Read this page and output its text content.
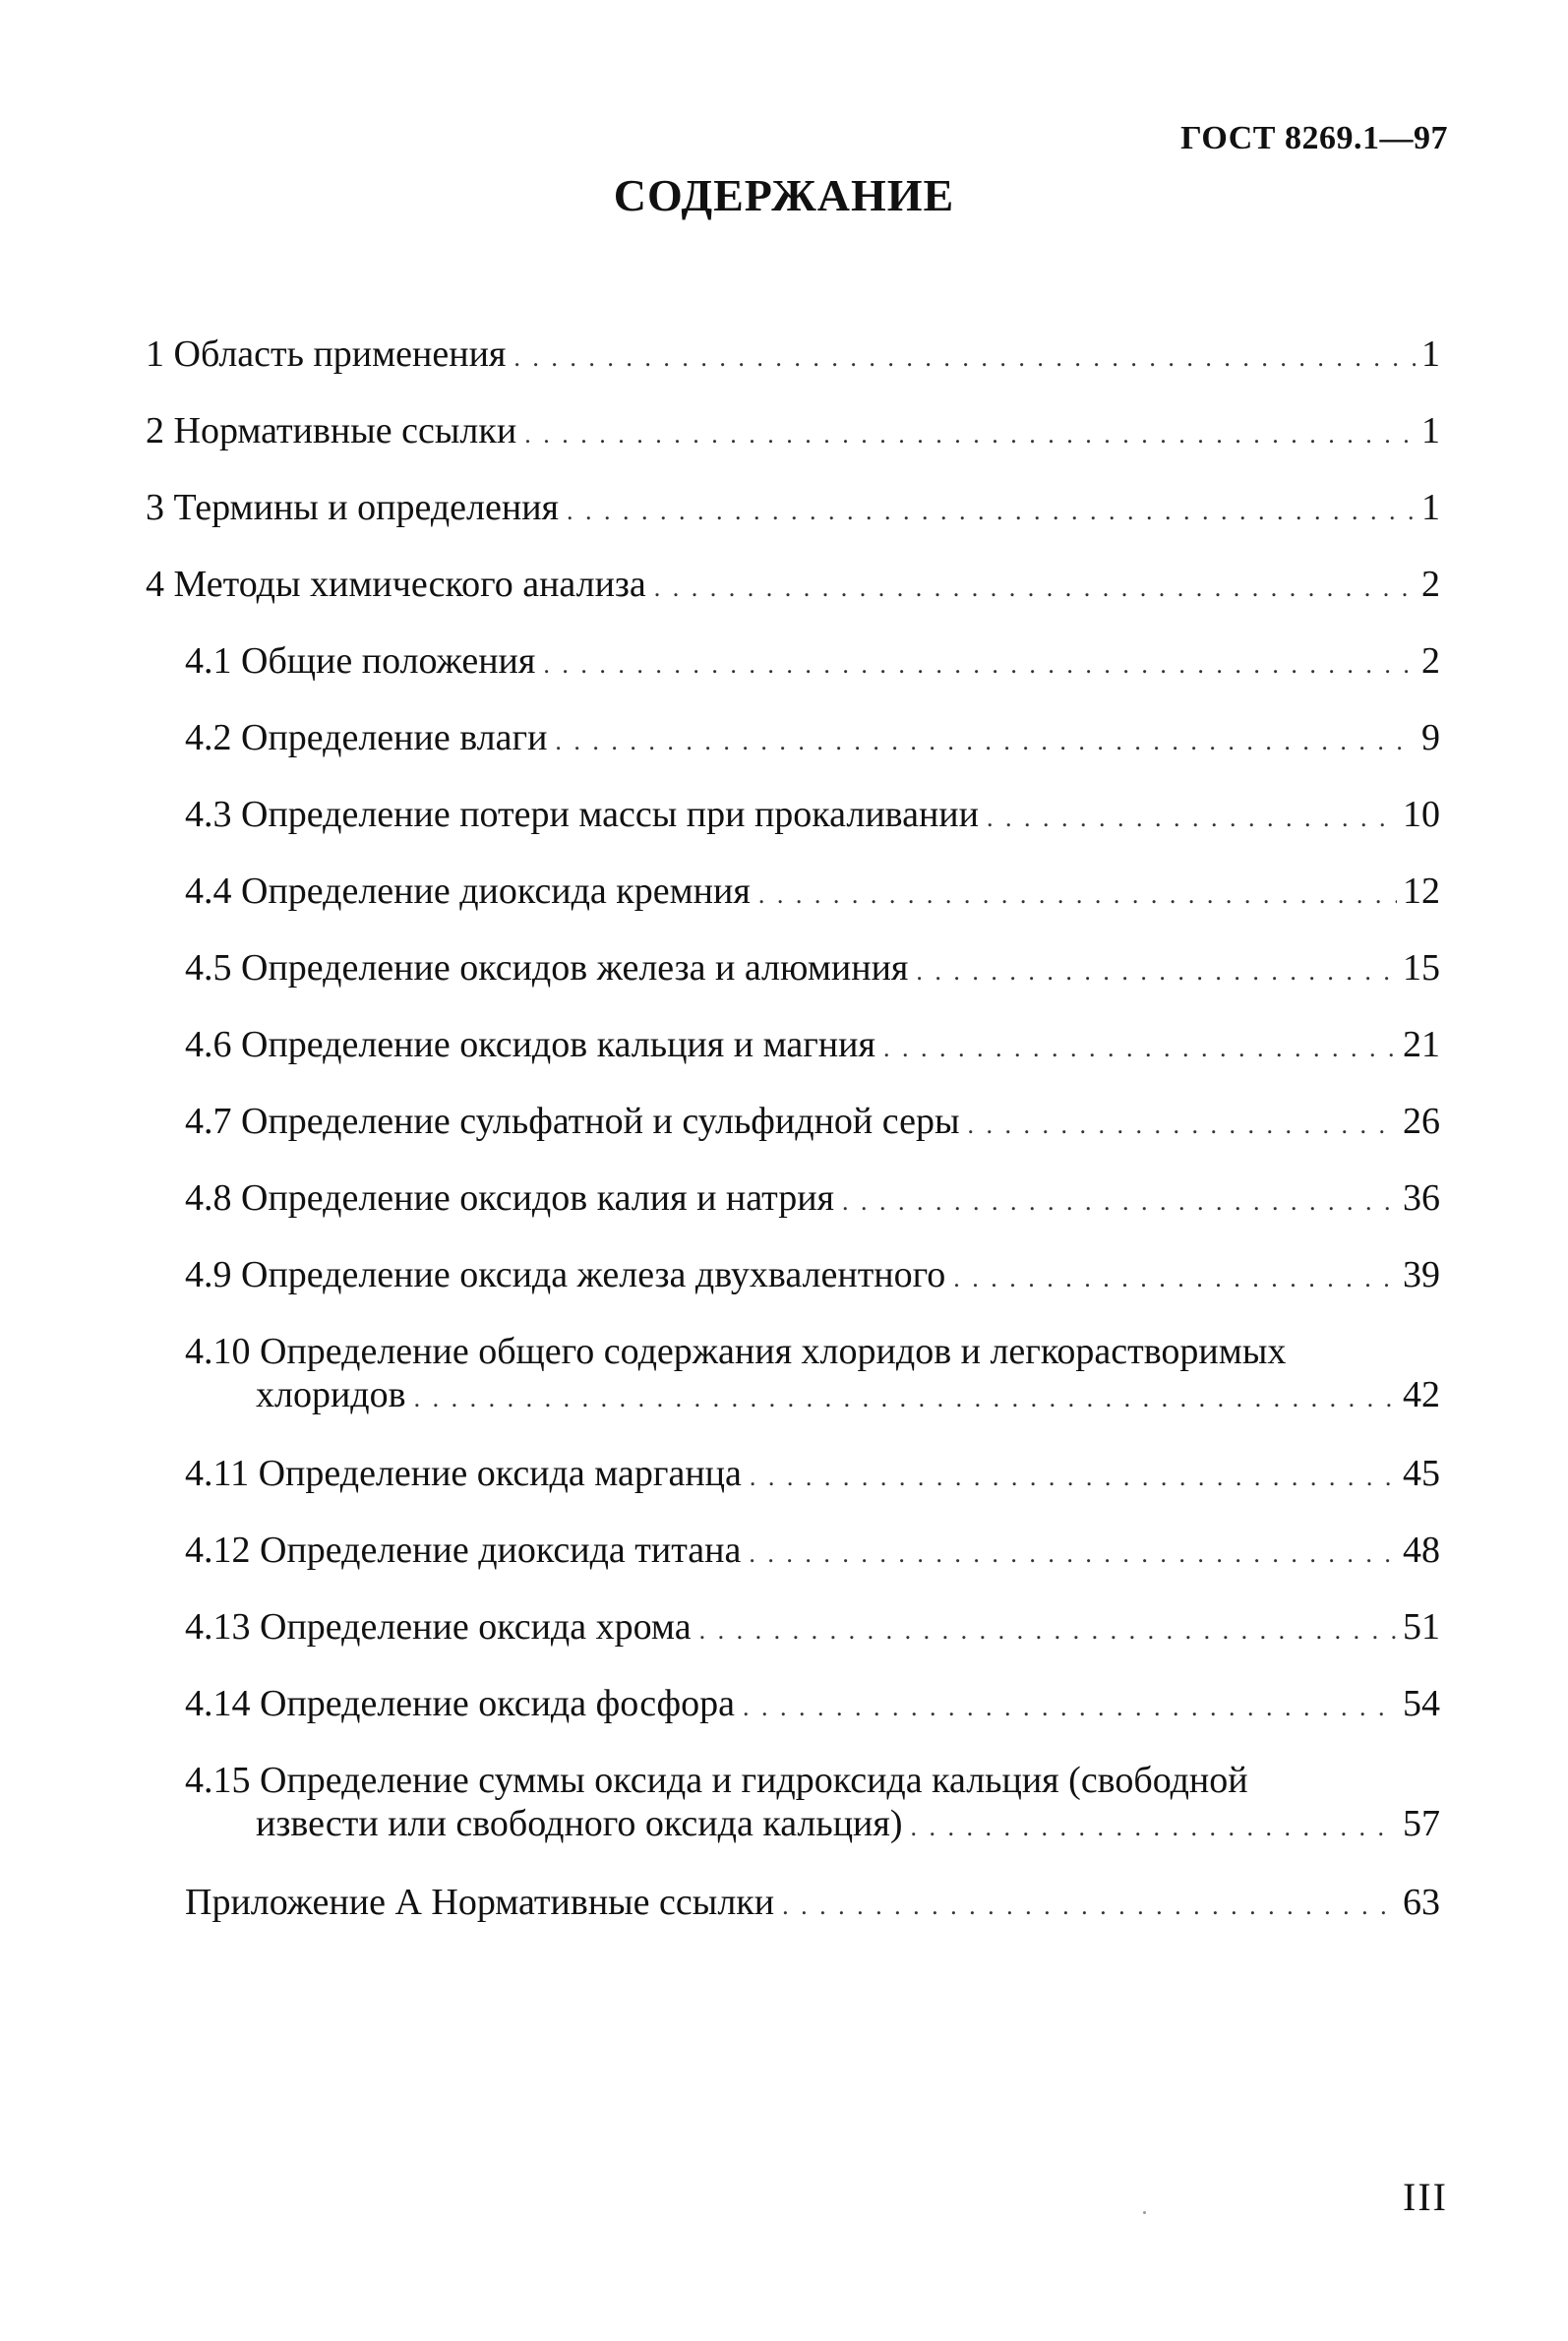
ГОСТ 8269.1—97
СОДЕРЖАНИЕ
1 Область применения . . .	1
2 Нормативные ссылки . . .	1
3 Термины и определения . . .	1
4 Методы химического анализа . . .	2
4.1 Общие положения . . .	2
4.2 Определение влаги . . .	9
4.3 Определение потери массы при прокаливании . . .	10
4.4 Определение диоксида кремния . . .	12
4.5 Определение оксидов железа и алюминия . . .	15
4.6 Определение оксидов кальция и магния . . .	21
4.7 Определение сульфатной и сульфидной серы . . .	26
4.8 Определение оксидов калия и натрия . . .	36
4.9 Определение оксида железа двухвалентного . . .	39
4.10 Определение общего содержания хлоридов и легкорастворимых
хлоридов . . .	42
4.11 Определение оксида марганца . . .	45
4.12 Определение диоксида титана . . .	48
4.13 Определение оксида хрома . . .	51
4.14 Определение оксида фосфора . . .	54
4.15 Определение суммы оксида и гидроксида кальция (свободной
извести или свободного оксида кальция) . . .	57
Приложение А Нормативные ссылки . . .	63
III
